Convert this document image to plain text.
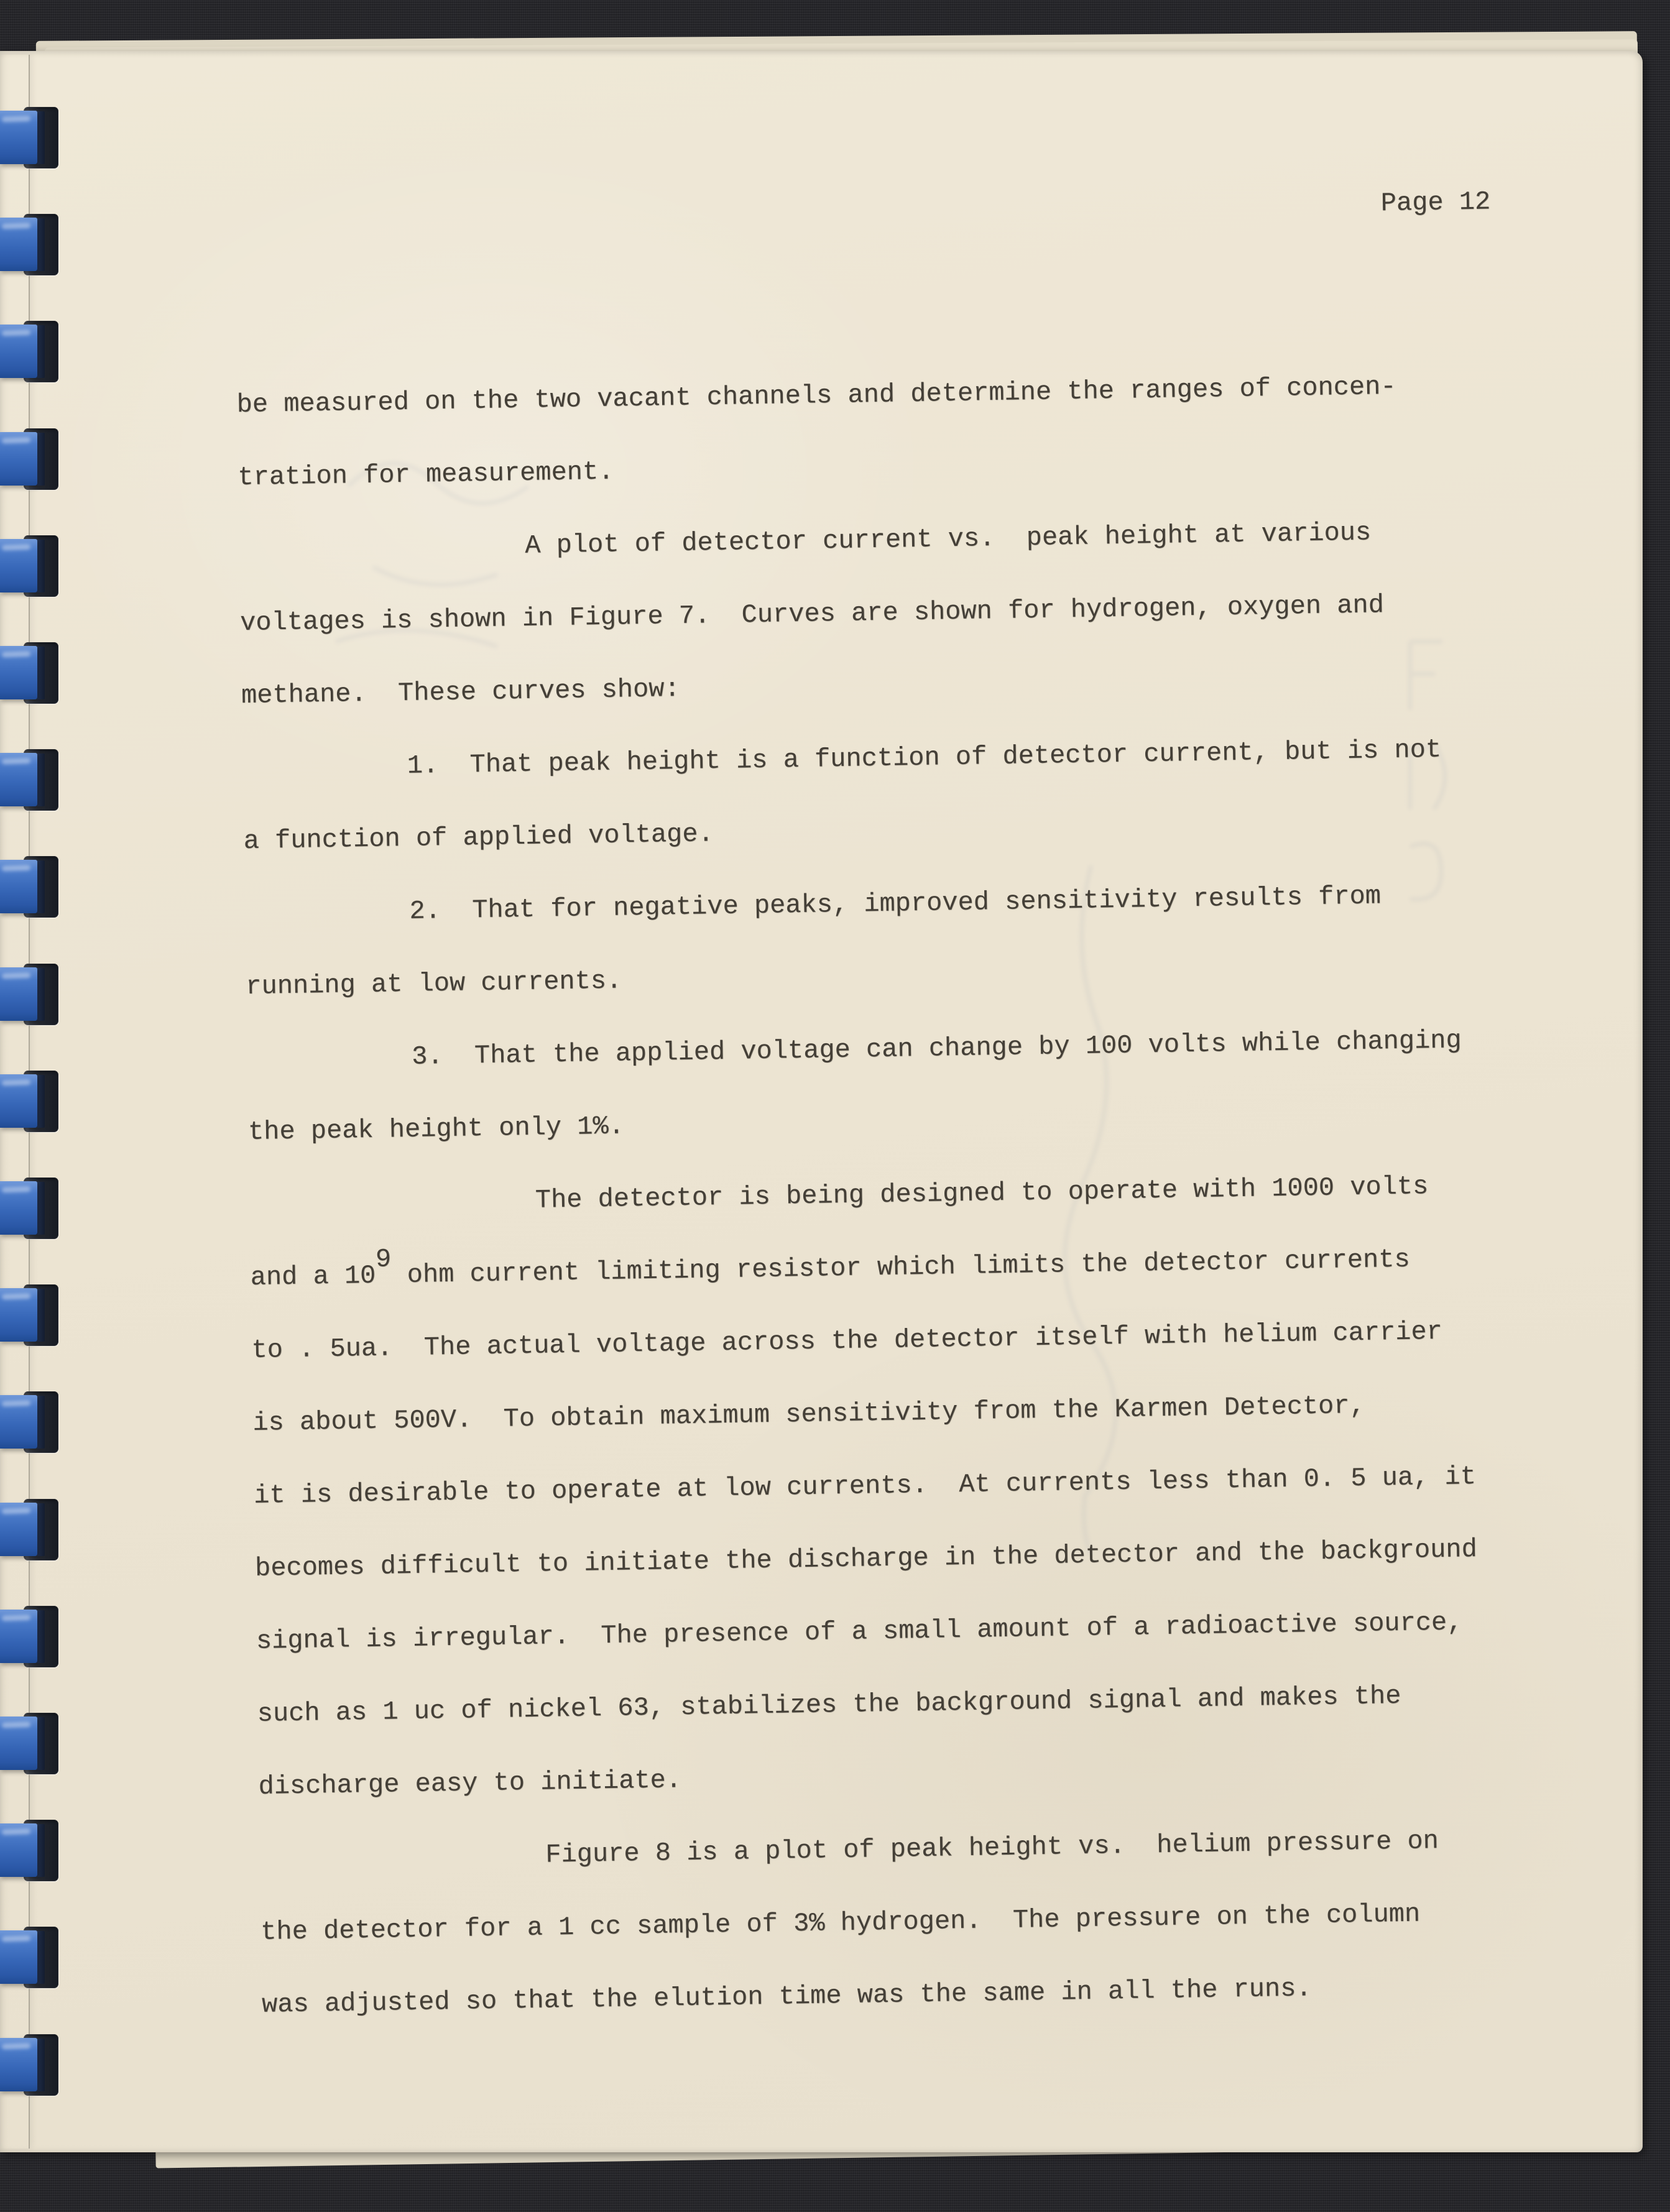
Page 12
be measured on the two vacant channels and determine the ranges of concen-
tration for measurement.
A plot of detector current vs.  peak height at various
voltages is shown in Figure 7.  Curves are shown for hydrogen, oxygen and
methane.  These curves show:
1.  That peak height is a function of detector current, but is not
a function of applied voltage.
2.  That for negative peaks, improved sensitivity results from
running at low currents.
3.  That the applied voltage can change by 100 volts while changing
the peak height only 1%.
The detector is being designed to operate with 1000 volts
and a 109 ohm current limiting resistor which limits the detector currents
to . 5ua.  The actual voltage across the detector itself with helium carrier
is about 500V.  To obtain maximum sensitivity from the Karmen Detector,
it is desirable to operate at low currents.  At currents less than 0. 5 ua, it
becomes difficult to initiate the discharge in the detector and the background
signal is irregular.  The presence of a small amount of a radioactive source,
such as 1 uc of nickel 63, stabilizes the background signal and makes the
discharge easy to initiate.
Figure 8 is a plot of peak height vs.  helium pressure on
the detector for a 1 cc sample of 3% hydrogen.  The pressure on the column
was adjusted so that the elution time was the same in all the runs.
